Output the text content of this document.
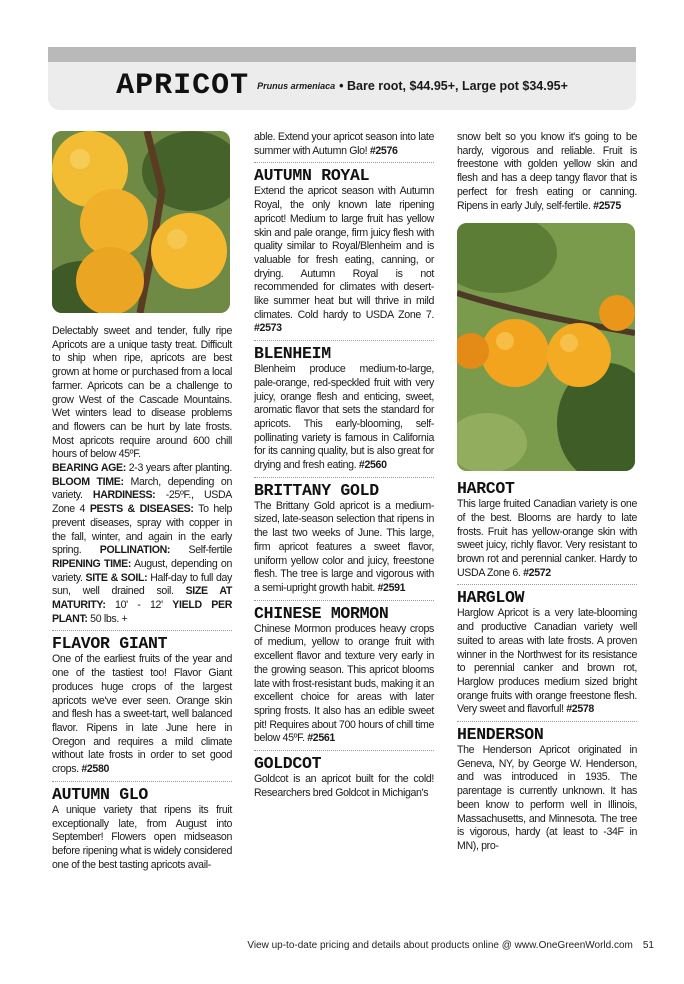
APRICOT Prunus armeniaca • Bare root, $44.95+, Large pot $34.95+

Delectably sweet and tender, fully ripe Apricots are a unique tasty treat. Difficult to ship when ripe, apricots are best grown at home or purchased from a local farmer. Apricots can be a challenge to grow West of the Cascade Mountains. Wet winters lead to disease problems and flowers can be hurt by late frosts. Most apricots require around 600 chill hours of below 45ºF.

BEARING AGE: 2-3 years after planting. BLOOM TIME: March, depending on variety. HARDINESS: -25ºF., USDA Zone 4 PESTS & DISEASES: To help prevent diseases, spray with copper in the fall, winter, and again in the early spring. POLLINATION: Self-fertile RIPENING TIME: August, depending on variety. SITE & SOIL: Half-day to full day sun, well drained soil. SIZE AT MATURITY: 10' - 12' YIELD PER PLANT: 50 lbs. +
FLAVOR GIANT

One of the earliest fruits of the year and one of the tastiest too! Flavor Giant produces huge crops of the largest apricots we've ever seen. Orange skin and flesh has a sweet-tart, well balanced flavor. Ripens in late June here in Oregon and requires a mild climate without late frosts in order to set good crops. #2580

AUTUMN GLO

A unique variety that ripens its fruit exceptionally late, from August into September! Flowers open midseason before ripening what is widely considered one of the best tasting apricots avail-

able. Extend your apricot season into late summer with Autumn Glo! #2576

AUTUMN ROYAL

Extend the apricot season with Autumn Royal, the only known late ripening apricot! Medium to large fruit has yellow skin and pale orange, firm juicy flesh with quality similar to Royal/Blenheim and is valuable for fresh eating, canning, or drying. Autumn Royal is not recommended for climates with desert-like summer heat but will thrive in mild climates. Cold hardy to USDA Zone 7. #2573

BLENHEIM

Blenheim produce medium-to-large, pale-orange, red-speckled fruit with very juicy, orange flesh and enticing, sweet, aromatic flavor that sets the standard for apricots. This early-blooming, self-pollinating variety is famous in California for its canning quality, but is also great for drying and fresh eating. #2560

BRITTANY GOLD

The Brittany Gold apricot is a medium-sized, late-season selection that ripens in the last two weeks of June. This large, firm apricot features a sweet flavor, uniform yellow color and juicy, freestone flesh. The tree is large and vigorous with a semi-upright growth habit. #2591

CHINESE MORMON

Chinese Mormon produces heavy crops of medium, yellow to orange fruit with excellent flavor and texture very early in the growing season. This apricot blooms late with frost-resistant buds, making it an excellent choice for areas with later spring frosts. It also has an edible sweet pit! Requires about 700 hours of chill time below 45ºF. #2561

GOLDCOT

Goldcot is an apricot built for the cold! Researchers bred Goldcot in Michigan's

snow belt so you know it's going to be hardy, vigorous and reliable. Fruit is freestone with golden yellow skin and flesh and has a deep tangy flavor that is perfect for fresh eating or canning. Ripens in early July, self-fertile. #2575

HARCOT

This large fruited Canadian variety is one of the best. Blooms are hardy to late frosts. Fruit has yellow-orange skin with sweet juicy, richly flavor. Very resistant to brown rot and perennial canker. Hardy to USDA Zone 6. #2572

HARGLOW

Harglow Apricot is a very late-blooming and productive Canadian variety well suited to areas with late frosts. A proven winner in the Northwest for its resistance to perennial canker and brown rot, Harglow produces medium sized bright orange fruits with orange freestone flesh. Very sweet and flavorful! #2578

HENDERSON

The Henderson Apricot originated in Geneva, NY, by George W. Henderson, and was introduced in 1935. The parentage is currently unknown. It has been know to perform well in Illinois, Massachusetts, and Minnesota. The tree is vigorous, hardy (at least to -34F in MN), pro-

View up-to-date pricing and details about products online @ www.OneGreenWorld.com 51
